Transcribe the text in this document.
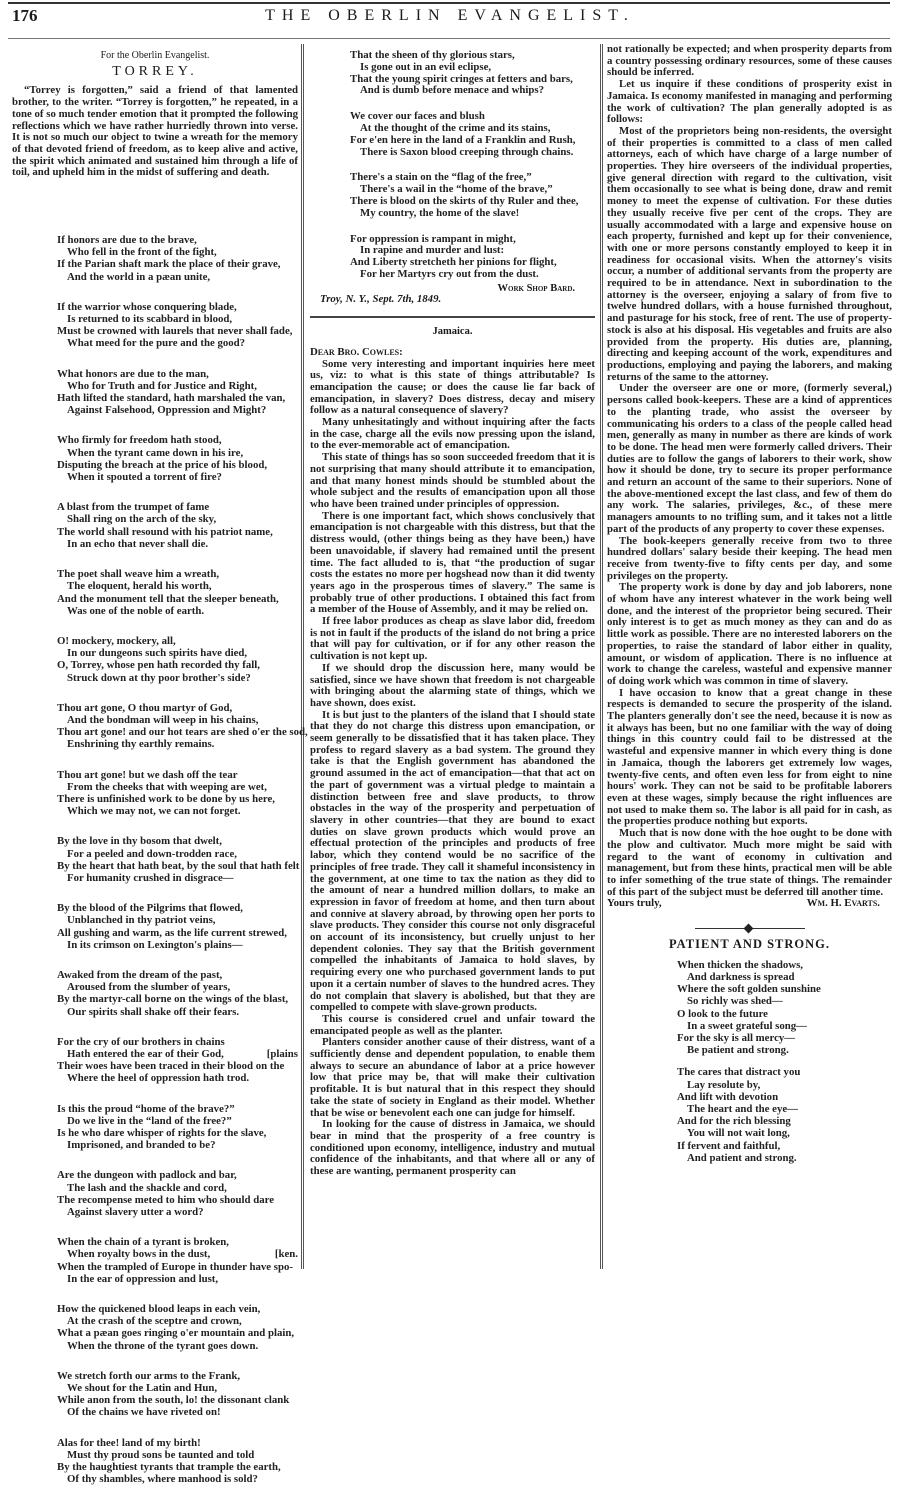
176	THE OBERLIN EVANGELIST.
For the Oberlin Evangelist.
TORREY.

“Torrey is forgotten,” said a friend of that lamented brother, to the writer. “Torrey is forgotten,” he repeated, in a tone of so much tender emotion that it prompted the following reflections which we have rather hurriedly thrown into verse. It is not so much our object to twine a wreath for the memory of that devoted friend of freedom, as to keep alive and active, the spirit which animated and sustained him through a life of toil, and upheld him in the midst of suffering and death.

If honors are due to the brave,
Who fell in the front of the fight,
If the Parian shaft mark the place of their grave,
And the world in a pæan unite,
If the warrior whose conquering blade,
Is returned to its scabbard in blood,
Must be crowned with laurels that never shall fade,
What meed for the pure and the good?
What honors are due to the man,
Who for Truth and for Justice and Right,
Hath lifted the standard, hath marshaled the van,
Against Falsehood, Oppression and Might?
Who firmly for freedom hath stood,
When the tyrant came down in his ire,
Disputing the breach at the price of his blood,
When it spouted a torrent of fire?
A blast from the trumpet of fame
Shall ring on the arch of the sky,
The world shall resound with his patriot name,
In an echo that never shall die.
The poet shall weave him a wreath,
The eloquent, herald his worth,
And the monument tell that the sleeper beneath,
Was one of the noble of earth.
O! mockery, mockery, all,
In our dungeons such spirits have died,
O, Torrey, whose pen hath recorded thy fall,
Struck down at thy poor brother's side?
Thou art gone, O thou martyr of God,
And the bondman will weep in his chains,
Thou art gone! and our hot tears are shed o'er the sod,
Enshrining thy earthly remains.
Thou art gone! but we dash off the tear
From the cheeks that with weeping are wet,
There is unfinished work to be done by us here,
Which we may not, we can not forget.
By the love in thy bosom that dwelt,
For a peeled and down-trodden race,
By the heart that hath beat, by the soul that hath felt
For humanity crushed in disgrace—
By the blood of the Pilgrims that flowed,
Unblanched in thy patriot veins,
All gushing and warm, as the life current strewed,
In its crimson on Lexington's plains—
Awaked from the dream of the past,
Aroused from the slumber of years,
By the martyr-call borne on the wings of the blast,
Our spirits shall shake off their fears.
For the cry of our brothers in chains
Hath entered the ear of their God,	[plains
Their woes have been traced in their blood on the
Where the heel of oppression hath trod.
Is this the proud “home of the brave?”
Do we live in the “land of the free?”
Is he who dare whisper of rights for the slave,
Imprisoned, and branded to be?
Are the dungeon with padlock and bar,
The lash and the shackle and cord,
The recompense meted to him who should dare
Against slavery utter a word?
When the chain of a tyrant is broken,
When royalty bows in the dust,	[ken.
When the trampled of Europe in thunder have spo-
In the ear of oppression and lust,
How the quickened blood leaps in each vein,
At the crash of the sceptre and crown,
What a pæan goes ringing o'er mountain and plain,
When the throne of the tyrant goes down.
We stretch forth our arms to the Frank,
We shout for the Latin and Hun,
While anon from the south, lo! the dissonant clank
Of the chains we have riveted on!
Alas for thee! land of my birth!
Must thy proud sons be taunted and told
By the haughtiest tyrants that trample the earth,
Of thy shambles, where manhood is sold?
That the sheen of thy glorious stars,
Is gone out in an evil eclipse,
That the young spirit cringes at fetters and bars,
And is dumb before menace and whips?
We cover our faces and blush
At the thought of the crime and its stains,
For e'en here in the land of a Franklin and Rush,
There is Saxon blood creeping through chains.
There's a stain on the “flag of the free,”
There's a wail in the “home of the brave,”
There is blood on the skirts of thy Ruler and thee,
My country, the home of the slave!
For oppression is rampant in might,
In rapine and murder and lust:
And Liberty stretcheth her pinions for flight,
For her Martyrs cry out from the dust.
Work Shop Bard.
Troy, N. Y., Sept. 7th, 1849.
Jamaica.
Dear Bro. Cowles:

Some very interesting and important inquiries here meet us, viz: to what is this state of things attributable? Is emancipation the cause; or does the cause lie far back of emancipation, in slavery? Does distress, decay and misery follow as a natural consequence of slavery?

Many unhesitatingly and without inquiring after the facts in the case, charge all the evils now pressing upon the island, to the ever-memorable act of emancipation.

This state of things has so soon succeeded freedom that it is not surprising that many should attribute it to emancipation, and that many honest minds should be stumbled about the whole subject and the results of emancipation upon all those who have been trained under principles of oppression.

There is one important fact, which shows conclusively that emancipation is not chargeable with this distress, but that the distress would, (other things being as they have been,) have been unavoidable, if slavery had remained until the present time. The fact alluded to is, that “the production of sugar costs the estates no more per hogshead now than it did twenty years ago in the prosperous times of slavery.” The same is probably true of other productions. I obtained this fact from a member of the House of Assembly, and it may be relied on.

If free labor produces as cheap as slave labor did, freedom is not in fault if the products of the island do not bring a price that will pay for cultivation, or if for any other reason the cultivation is not kept up.

If we should drop the discussion here, many would be satisfied, since we have shown that freedom is not chargeable with bringing about the alarming state of things, which we have shown, does exist.

It is but just to the planters of the island that I should state that they do not charge this distress upon emancipation, or seem generally to be dissatisfied that it has taken place. They profess to regard slavery as a bad system. The ground they take is that the English government has abandoned the ground assumed in the act of emancipation—that that act on the part of government was a virtual pledge to maintain a distinction between free and slave products, to throw obstacles in the way of the prosperity and perpetuation of slavery in other countries—that they are bound to exact duties on slave grown products which would prove an effectual protection of the principles and products of free labor, which they contend would be no sacrifice of the principles of free trade. They call it shameful inconsistency in the government, at one time to tax the nation as they did to the amount of near a hundred million dollars, to make an expression in favor of freedom at home, and then turn about and connive at slavery abroad, by throwing open her ports to slave products. They consider this course not only disgraceful on account of its inconsistency, but cruelly unjust to her dependent colonies. They say that the British government compelled the inhabitants of Jamaica to hold slaves, by requiring every one who purchased government lands to put upon it a certain number of slaves to the hundred acres. They do not complain that slavery is abolished, but that they are compelled to compete with slave-grown products.

This course is considered cruel and unfair toward the emancipated people as well as the planter.

Planters consider another cause of their distress, want of a sufficiently dense and dependent population, to enable them always to secure an abundance of labor at a price however low that price may be, that will make their cultivation profitable. It is but natural that in this respect they should take the state of society in England as their model. Whether that be wise or benevolent each one can judge for himself.

In looking for the cause of distress in Jamaica, we should bear in mind that the prosperity of a free country is conditioned upon economy, intelligence, industry and mutual confidence of the inhabitants, and that where all or any of these are wanting, permanent prosperity can

not rationally be expected; and when prosperity departs from a country possessing ordinary resources, some of these causes should be inferred.

Let us inquire if these conditions of prosperity exist in Jamaica. Is economy manifested in managing and performing the work of cultivation? The plan generally adopted is as follows:

Most of the proprietors being non-residents, the oversight of their properties is committed to a class of men called attorneys, each of which have charge of a large number of properties. They hire overseers of the individual properties, give general direction with regard to the cultivation, visit them occasionally to see what is being done, draw and remit money to meet the expense of cultivation. For these duties they usually receive five per cent of the crops. They are usually accommodated with a large and expensive house on each property, furnished and kept up for their convenience, with one or more persons constantly employed to keep it in readiness for occasional visits. When the attorney's visits occur, a number of additional servants from the property are required to be in attendance. Next in subordination to the attorney is the overseer, enjoying a salary of from five to twelve hundred dollars, with a house furnished throughout, and pasturage for his stock, free of rent. The use of property-stock is also at his disposal. His vegetables and fruits are also provided from the property. His duties are, planning, directing and keeping account of the work, expenditures and productions, employing and paying the laborers, and making returns of the same to the attorney.

Under the overseer are one or more, (formerly several,) persons called book-keepers. These are a kind of apprentices to the planting trade, who assist the overseer by communicating his orders to a class of the people called head men, generally as many in number as there are kinds of work to be done. The head men were formerly called drivers. Their duties are to follow the gangs of laborers to their work, show how it should be done, try to secure its proper performance and return an account of the same to their superiors. None of the above-mentioned except the last class, and few of them do any work. The salaries, privileges, &c., of these mere managers amounts to no trifling sum, and it takes not a little part of the products of any property to cover these expenses.

The book-keepers generally receive from two to three hundred dollars' salary beside their keeping. The head men receive from twenty-five to fifty cents per day, and some privileges on the property.

The property work is done by day and job laborers, none of whom have any interest whatever in the work being well done, and the interest of the proprietor being secured. Their only interest is to get as much money as they can and do as little work as possible. There are no interested laborers on the properties, to raise the standard of labor either in quality, amount, or wisdom of application. There is no influence at work to change the careless, wasteful and expensive manner of doing work which was common in time of slavery.

I have occasion to know that a great change in these respects is demanded to secure the prosperity of the island. The planters generally don't see the need, because it is now as it always has been, but no one familiar with the way of doing things in this country could fail to be distressed at the wasteful and expensive manner in which every thing is done in Jamaica, though the laborers get extremely low wages, twenty-five cents, and often even less for from eight to nine hours' work. They can not be said to be profitable laborers even at these wages, simply because the right influences are not used to make them so. The labor is all paid for in cash, as the properties produce nothing but exports.

Much that is now done with the hoe ought to be done with the plow and cultivator. Much more might be said with regard to the want of economy in cultivation and management, but from these hints, practical men will be able to infer something of the true state of things. The remainder of this part of the subject must be deferred till another time.

Yours truly,	Wm. H. Evarts.
PATIENT AND STRONG.
When thicken the shadows,
And darkness is spread
Where the soft golden sunshine
So richly was shed—
O look to the future
In a sweet grateful song—
For the sky is all mercy—
Be patient and strong.
The cares that distract you
Lay resolute by,
And lift with devotion
The heart and the eye—
And for the rich blessing
You will not wait long,
If fervent and faithful,
And patient and strong.
